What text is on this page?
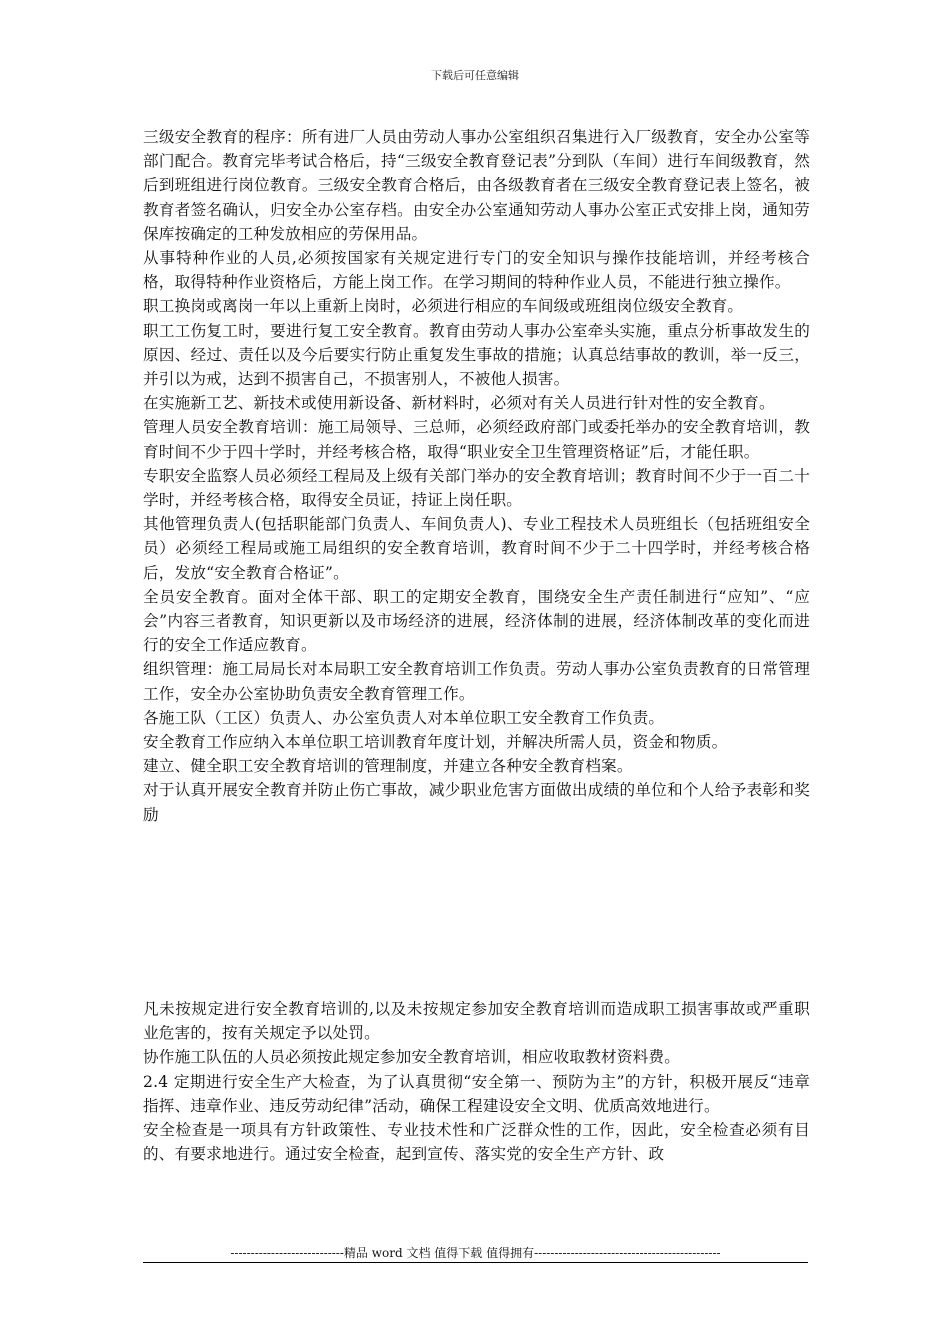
下载后可任意编辑

三级安全教育的程序：所有进厂人员由劳动人事办公室组织召集进行入厂级教育，安全办公室等部门配合。教育完毕考试合格后，持“三级安全教育登记表”分到队（车间）进行车间级教育，然后到班组进行岗位教育。三级安全教育合格后，由各级教育者在三级安全教育登记表上签名，被教育者签名确认，归安全办公室存档。由安全办公室通知劳动人事办公室正式安排上岗，通知劳保库按确定的工种发放相应的劳保用品。

从事特种作业的人员,必须按国家有关规定进行专门的安全知识与操作技能培训，并经考核合格，取得特种作业资格后，方能上岗工作。在学习期间的特种作业人员，不能进行独立操作。

职工换岗或离岗一年以上重新上岗时，必须进行相应的车间级或班组岗位级安全教育。

职工工伤复工时，要进行复工安全教育。教育由劳动人事办公室牵头实施，重点分析事故发生的原因、经过、责任以及今后要实行防止重复发生事故的措施；认真总结事故的教训，举一反三，并引以为戒，达到不损害自己，不损害别人，不被他人损害。

在实施新工艺、新技术或使用新设备、新材料时，必须对有关人员进行针对性的安全教育。

管理人员安全教育培训：施工局领导、三总师，必须经政府部门或委托举办的安全教育培训，教育时间不少于四十学时，并经考核合格，取得“职业安全卫生管理资格证”后，才能任职。

专职安全监察人员必须经工程局及上级有关部门举办的安全教育培训；教育时间不少于一百二十学时，并经考核合格，取得安全员证，持证上岗任职。

其他管理负责人(包括职能部门负责人、车间负责人)、专业工程技术人员班组长（包括班组安全员）必须经工程局或施工局组织的安全教育培训，教育时间不少于二十四学时，并经考核合格后，发放“安全教育合格证”。

全员安全教育。面对全体干部、职工的定期安全教育，围绕安全生产责任制进行“应知”、“应会”内容三者教育，知识更新以及市场经济的进展，经济体制的进展，经济体制改革的变化而进行的安全工作适应教育。

组织管理：施工局局长对本局职工安全教育培训工作负责。劳动人事办公室负责教育的日常管理工作，安全办公室协助负责安全教育管理工作。

各施工队（工区）负责人、办公室负责人对本单位职工安全教育工作负责。

安全教育工作应纳入本单位职工培训教育年度计划，并解决所需人员，资金和物质。

建立、健全职工安全教育培训的管理制度，并建立各种安全教育档案。

对于认真开展安全教育并防止伤亡事故，减少职业危害方面做出成绩的单位和个人给予表彰和奖励

凡未按规定进行安全教育培训的,以及未按规定参加安全教育培训而造成职工损害事故或严重职业危害的，按有关规定予以处罚。

协作施工队伍的人员必须按此规定参加安全教育培训，相应收取教材资料费。

2.4 定期进行安全生产大检查，为了认真贯彻“安全第一、预防为主”的方针，积极开展反“违章指挥、违章作业、违反劳动纪律”活动，确保工程建设安全文明、优质高效地进行。

安全检查是一项具有方针政策性、专业技术性和广泛群众性的工作，因此，安全检查必须有目的、有要求地进行。通过安全检查，起到宣传、落实党的安全生产方针、政

----------------------------精品 word 文档 值得下载 值得拥有----------------------------------------------
